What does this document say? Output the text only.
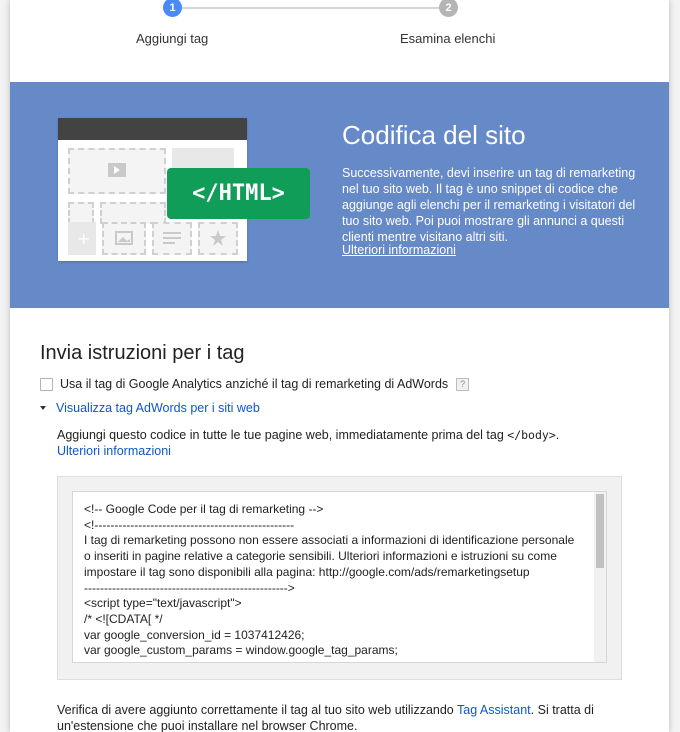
1	2
Aggiungi tag	Esamina elenchi
+
</HTML>
Codifica del sito
Successivamente, devi inserire un tag di remarketing nel tuo sito web. Il tag è uno snippet di codice che aggiunge agli elenchi per il remarketing i visitatori del tuo sito web. Poi puoi mostrare gli annunci a questi clienti mentre visitano altri siti.
Ulteriori informazioni
Invia istruzioni per i tag
Usa il tag di Google Analytics anziché il tag di remarketing di AdWords	?
Visualizza tag AdWords per i siti web
Aggiungi questo codice in tutte le tue pagine web, immediatamente prima del tag </body>.
Ulteriori informazioni
<!-- Google Code per il tag di remarketing -->
<!--------------------------------------------------
I tag di remarketing possono non essere associati a informazioni di identificazione personale o inseriti in pagine relative a categorie sensibili. Ulteriori informazioni e istruzioni su come impostare il tag sono disponibili alla pagina: http://google.com/ads/remarketingsetup
--------------------------------------------------->
<script type="text/javascript">
/* <![CDATA[ */
var google_conversion_id = 1037412426;
var google_custom_params = window.google_tag_params;
Verifica di avere aggiunto correttamente il tag al tuo sito web utilizzando Tag Assistant. Si tratta di un'estensione che puoi installare nel browser Chrome.
